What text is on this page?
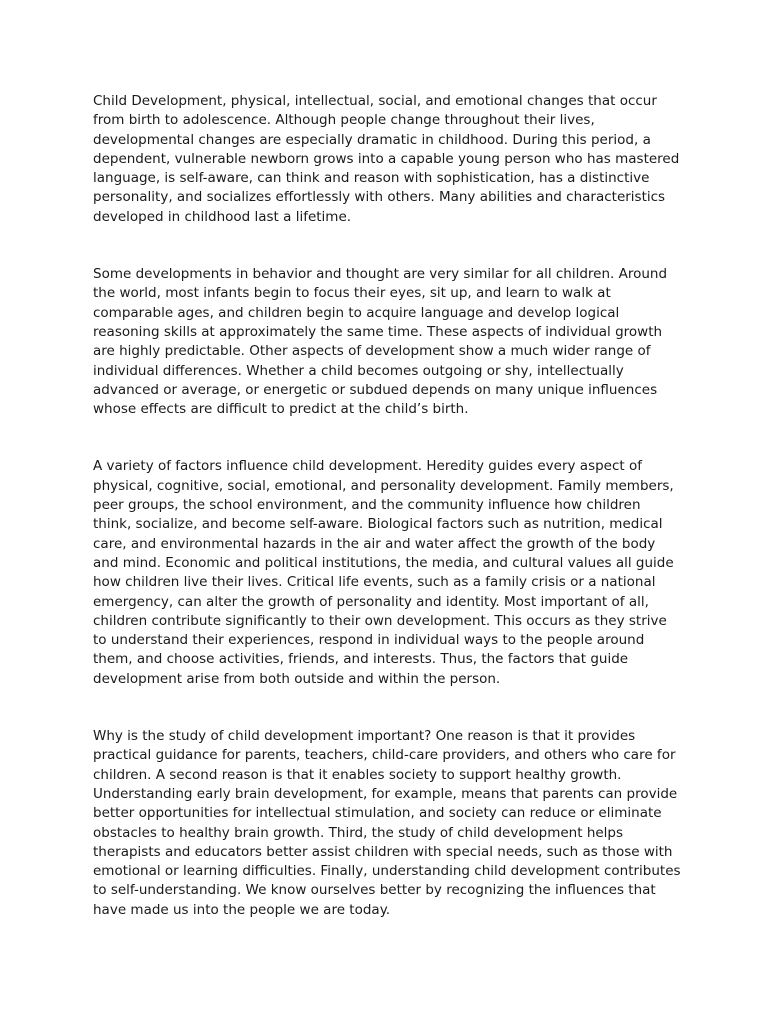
Child Development, physical, intellectual, social, and emotional changes that occur from birth to adolescence. Although people change throughout their lives, developmental changes are especially dramatic in childhood. During this period, a dependent, vulnerable newborn grows into a capable young person who has mastered language, is self-aware, can think and reason with sophistication, has a distinctive personality, and socializes effortlessly with others. Many abilities and characteristics developed in childhood last a lifetime.

Some developments in behavior and thought are very similar for all children. Around the world, most infants begin to focus their eyes, sit up, and learn to walk at comparable ages, and children begin to acquire language and develop logical reasoning skills at approximately the same time. These aspects of individual growth are highly predictable. Other aspects of development show a much wider range of individual differences. Whether a child becomes outgoing or shy, intellectually advanced or average, or energetic or subdued depends on many unique influences whose effects are difficult to predict at the child’s birth.

A variety of factors influence child development. Heredity guides every aspect of physical, cognitive, social, emotional, and personality development. Family members, peer groups, the school environment, and the community influence how children think, socialize, and become self-aware. Biological factors such as nutrition, medical care, and environmental hazards in the air and water affect the growth of the body and mind. Economic and political institutions, the media, and cultural values all guide how children live their lives. Critical life events, such as a family crisis or a national emergency, can alter the growth of personality and identity. Most important of all, children contribute significantly to their own development. This occurs as they strive to understand their experiences, respond in individual ways to the people around them, and choose activities, friends, and interests. Thus, the factors that guide development arise from both outside and within the person.

Why is the study of child development important? One reason is that it provides practical guidance for parents, teachers, child-care providers, and others who care for children. A second reason is that it enables society to support healthy growth. Understanding early brain development, for example, means that parents can provide better opportunities for intellectual stimulation, and society can reduce or eliminate obstacles to healthy brain growth. Third, the study of child development helps therapists and educators better assist children with special needs, such as those with emotional or learning difficulties. Finally, understanding child development contributes to self-understanding. We know ourselves better by recognizing the influences that have made us into the people we are today.
